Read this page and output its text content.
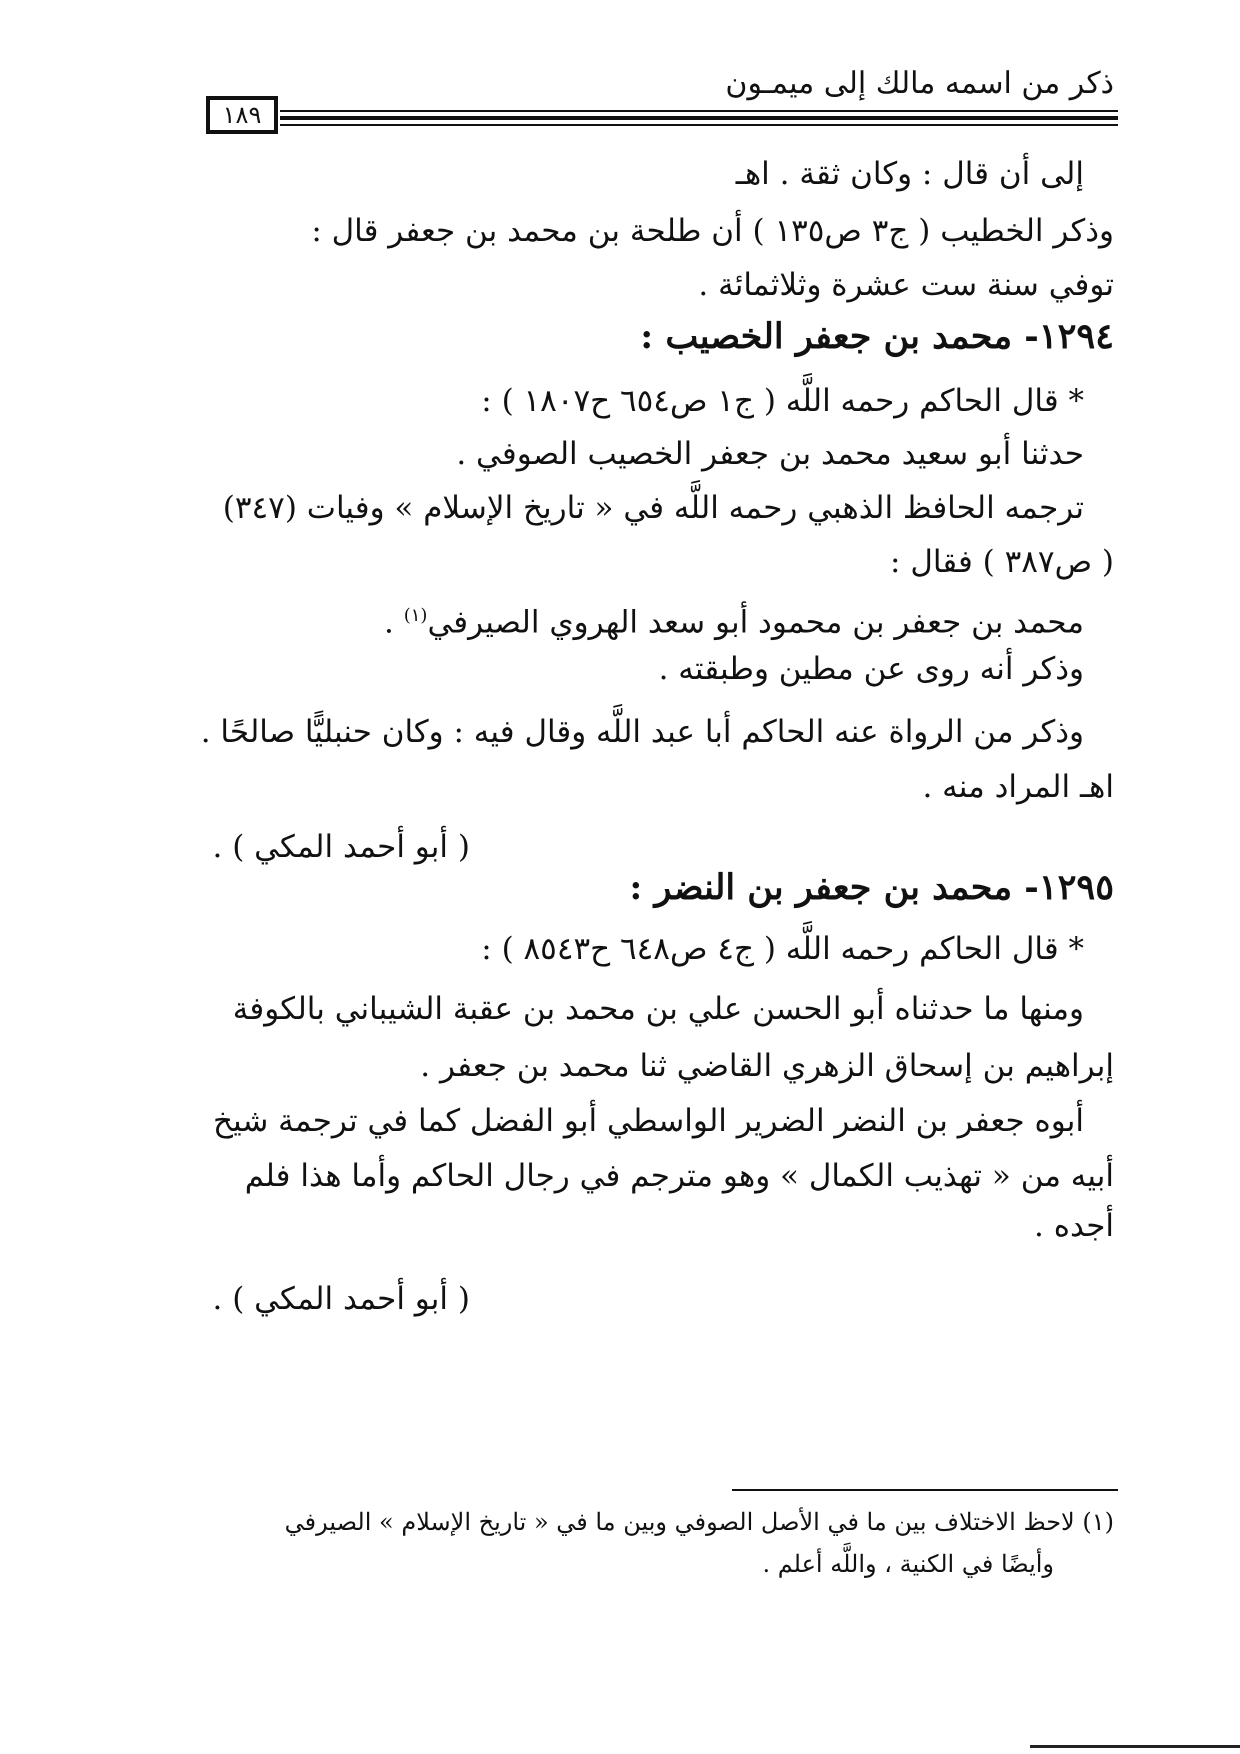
ذكر من اسمه مالك إلى ميمـون
١٨٩
إلى أن قال : وكان ثقة . اهـ
وذكر الخطيب ( ج٣ ص١٣٥ ) أن طلحة بن محمد بن جعفر قال :
توفي سنة ست عشرة وثلاثمائة .
١٢٩٤- محمد بن جعفر الخصيب :
* قال الحاكم رحمه اللَّه ( ج١ ص٦٥٤ ح١٨٠٧ ) :
حدثنا أبو سعيد محمد بن جعفر الخصيب الصوفي .
ترجمه الحافظ الذهبي رحمه اللَّه في « تاريخ الإسلام » وفيات (٣٤٧)
( ص٣٨٧ ) فقال :
محمد بن جعفر بن محمود أبو سعد الهروي الصيرفي$^{(١)}$ .
وذكر أنه روى عن مطين وطبقته .
وذكر من الرواة عنه الحاكم أبا عبد اللَّه وقال فيه : وكان حنبليًّا صالحًا .
اهـ المراد منه .
( أبو أحمد المكي ) .
١٢٩٥- محمد بن جعفر بن النضر :
* قال الحاكم رحمه اللَّه ( ج٤ ص٦٤٨ ح٨٥٤٣ ) :
ومنها ما حدثناه أبو الحسن علي بن محمد بن عقبة الشيباني بالكوفة
إبراهيم بن إسحاق الزهري القاضي ثنا محمد بن جعفر .
أبوه جعفر بن النضر الضرير الواسطي أبو الفضل كما في ترجمة شيخ
أبيه من « تهذيب الكمال » وهو مترجم في رجال الحاكم وأما هذا فلم
أجده .
( أبو أحمد المكي ) .
(١) لاحظ الاختلاف بين ما في الأصل الصوفي وبين ما في « تاريخ الإسلام » الصيرفي
وأيضًا في الكنية ، واللَّه أعلم .
